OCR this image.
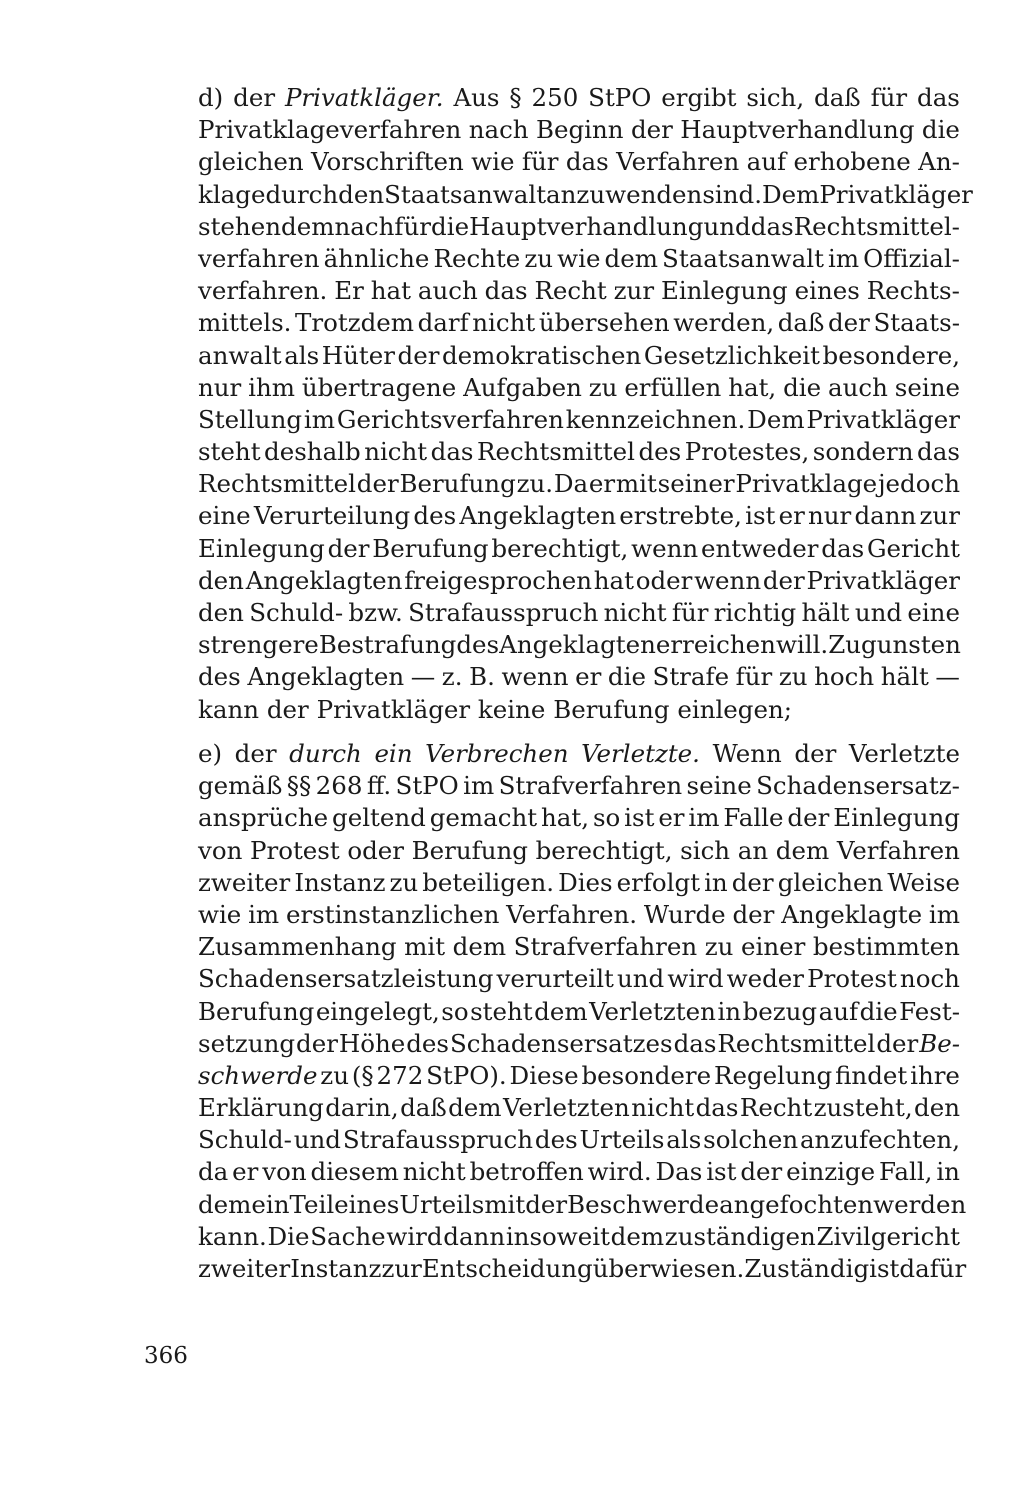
d) der Privatkläger. Aus § 250 StPO ergibt sich, daß für das
Privatklageverfahren nach Beginn der Hauptverhandlung die
gleichen Vorschriften wie für das Verfahren auf erhobene An-
klage durch den Staatsanwalt anzuwenden sind. Dem Privatkläger
stehen demnach für die Hauptverhandlung und das Rechtsmittel-
verfahren ähnliche Rechte zu wie dem Staatsanwalt im Offizial-
verfahren. Er hat auch das Recht zur Einlegung eines Rechts-
mittels. Trotzdem darf nicht übersehen werden, daß der Staats-
anwalt als Hüter der demokratischen Gesetzlichkeit besondere,
nur ihm übertragene Aufgaben zu erfüllen hat, die auch seine
Stellung im Gerichtsverfahren kennzeichnen. Dem Privatkläger
steht deshalb nicht das Rechtsmittel des Protestes, sondern das
Rechtsmittel der Berufung zu. Da er mit seiner Privatklage jedoch
eine Verurteilung des Angeklagten erstrebte, ist er nur dann zur
Einlegung der Berufung berechtigt, wenn entweder das Gericht
den Angeklagten freigesprochen hat oder wenn der Privatkläger
den Schuld- bzw. Strafausspruch nicht für richtig hält und eine
strengere Bestrafung des Angeklagten erreichen will. Zugunsten
des Angeklagten — z. B. wenn er die Strafe für zu hoch hält —
kann der Privatkläger keine Berufung einlegen;
e) der durch ein Verbrechen Verletzte. Wenn der Verletzte
gemäß §§ 268 ff. StPO im Strafverfahren seine Schadensersatz-
ansprüche geltend gemacht hat, so ist er im Falle der Einlegung
von Protest oder Berufung berechtigt, sich an dem Verfahren
zweiter Instanz zu beteiligen. Dies erfolgt in der gleichen Weise
wie im erstinstanzlichen Verfahren. Wurde der Angeklagte im
Zusammenhang mit dem Strafverfahren zu einer bestimmten
Schadensersatzleistung verurteilt und wird weder Protest noch
Berufung eingelegt, so steht dem Verletzten in bezug auf die Fest-
setzung der Höhe des Schadensersatzes das Rechtsmittel der Be-
schwerde zu (§ 272 StPO). Diese besondere Regelung findet ihre
Erklärung darin, daß dem Verletzten nicht das Recht zusteht, den
Schuld- und Strafausspruch des Urteils als solchen anzufechten,
da er von diesem nicht betroffen wird. Das ist der einzige Fall, in
dem ein Teil eines Urteils mit der Beschwerde angefochten werden
kann. Die Sache wird dann insoweit dem zuständigen Zivilgericht
zweiter Instanz zur Entscheidung überwiesen. Zuständig ist dafür
366
